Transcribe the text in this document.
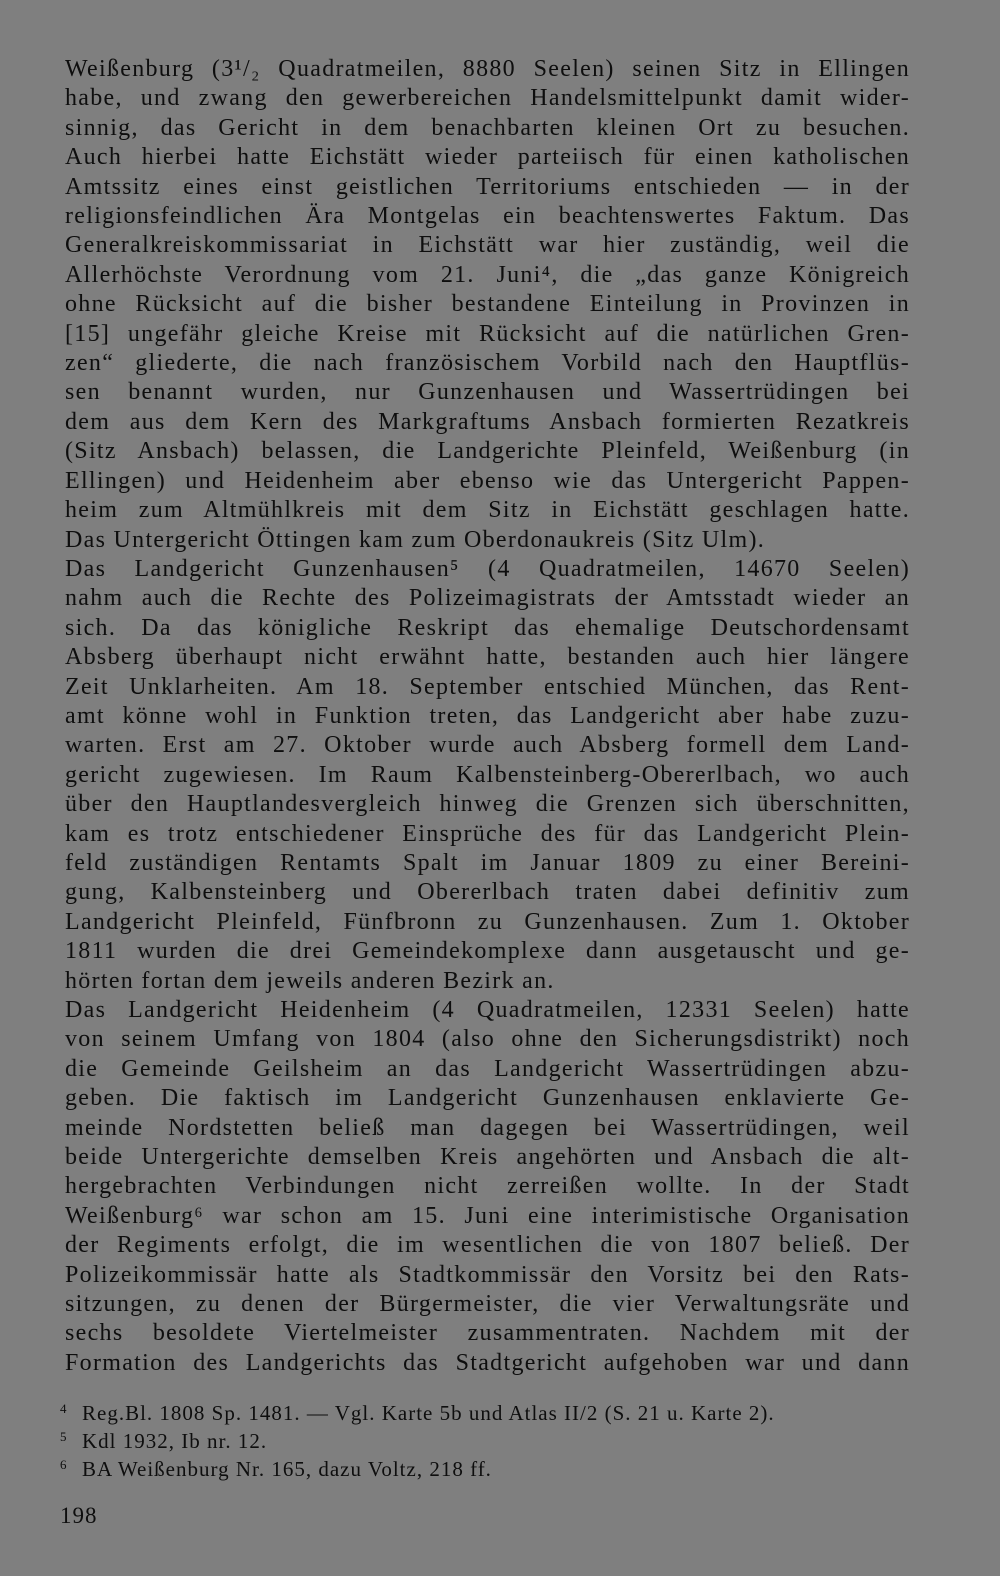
Weißenburg (3¹/₂ Quadratmeilen, 8880 Seelen) seinen Sitz in Ellingen
habe, und zwang den gewerbereichen Handelsmittelpunkt damit wider-
sinnig, das Gericht in dem benachbarten kleinen Ort zu besuchen.
Auch hierbei hatte Eichstätt wieder parteiisch für einen katholischen
Amtssitz eines einst geistlichen Territoriums entschieden — in der
religionsfeindlichen Ära Montgelas ein beachtenswertes Faktum. Das
Generalkreiskommissariat in Eichstätt war hier zuständig, weil die
Allerhöchste Verordnung vom 21. Juni⁴, die „das ganze Königreich
ohne Rücksicht auf die bisher bestandene Einteilung in Provinzen in
[15] ungefähr gleiche Kreise mit Rücksicht auf die natürlichen Gren-
zen“ gliederte, die nach französischem Vorbild nach den Hauptflüs-
sen benannt wurden, nur Gunzenhausen und Wassertrüdingen bei
dem aus dem Kern des Markgraftums Ansbach formierten Rezatkreis
(Sitz Ansbach) belassen, die Landgerichte Pleinfeld, Weißenburg (in
Ellingen) und Heidenheim aber ebenso wie das Untergericht Pappen-
heim zum Altmühlkreis mit dem Sitz in Eichstätt geschlagen hatte.
Das Untergericht Öttingen kam zum Oberdonaukreis (Sitz Ulm).
Das Landgericht Gunzenhausen⁵ (4 Quadratmeilen, 14670 Seelen)
nahm auch die Rechte des Polizeimagistrats der Amtsstadt wieder an
sich. Da das königliche Reskript das ehemalige Deutschordensamt
Absberg überhaupt nicht erwähnt hatte, bestanden auch hier längere
Zeit Unklarheiten. Am 18. September entschied München, das Rent-
amt könne wohl in Funktion treten, das Landgericht aber habe zuzu-
warten. Erst am 27. Oktober wurde auch Absberg formell dem Land-
gericht zugewiesen. Im Raum Kalbensteinberg-Obererlbach, wo auch
über den Hauptlandesvergleich hinweg die Grenzen sich überschnitten,
kam es trotz entschiedener Einsprüche des für das Landgericht Plein-
feld zuständigen Rentamts Spalt im Januar 1809 zu einer Bereini-
gung, Kalbensteinberg und Obererlbach traten dabei definitiv zum
Landgericht Pleinfeld, Fünfbronn zu Gunzenhausen. Zum 1. Oktober
1811 wurden die drei Gemeindekomplexe dann ausgetauscht und ge-
hörten fortan dem jeweils anderen Bezirk an.
Das Landgericht Heidenheim (4 Quadratmeilen, 12331 Seelen) hatte
von seinem Umfang von 1804 (also ohne den Sicherungsdistrikt) noch
die Gemeinde Geilsheim an das Landgericht Wassertrüdingen abzu-
geben. Die faktisch im Landgericht Gunzenhausen enklavierte Ge-
meinde Nordstetten beließ man dagegen bei Wassertrüdingen, weil
beide Untergerichte demselben Kreis angehörten und Ansbach die alt-
hergebrachten Verbindungen nicht zerreißen wollte. In der Stadt
Weißenburg⁶ war schon am 15. Juni eine interimistische Organisation
der Regiments erfolgt, die im wesentlichen die von 1807 beließ. Der
Polizeikommissär hatte als Stadtkommissär den Vorsitz bei den Rats-
sitzungen, zu denen der Bürgermeister, die vier Verwaltungsräte und
sechs besoldete Viertelmeister zusammentraten. Nachdem mit der
Formation des Landgerichts das Stadtgericht aufgehoben war und dann
4 Reg.Bl. 1808 Sp. 1481. — Vgl. Karte 5b und Atlas II/2 (S. 21 u. Karte 2).
5 Kdl 1932, Ib nr. 12.
6 BA Weißenburg Nr. 165, dazu Voltz, 218 ff.
198
